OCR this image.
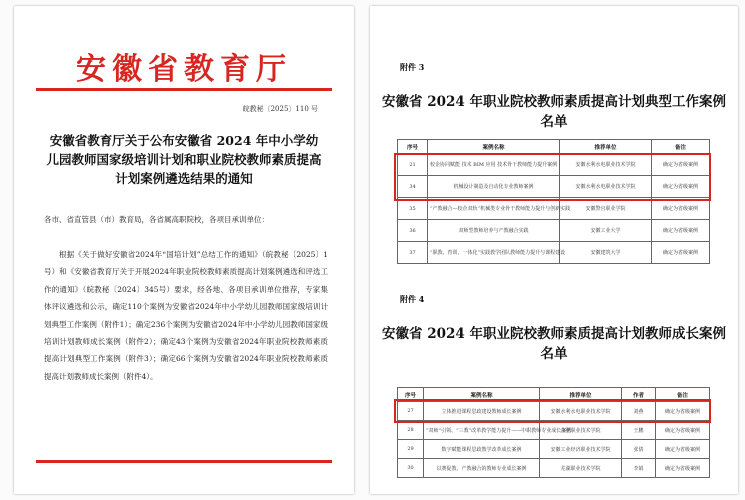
安徽省教育厅
皖教秘〔2025〕110 号
安徽省教育厅关于公布安徽省 2024 年中小学幼儿园教师国家级培训计划和职业院校教师素质提高计划案例遴选结果的通知
各市、省直管县（市）教育局，各省属高职院校，各项目承训单位：
根据《关于做好安徽省2024年“国培计划”总结工作的通知》（皖教秘〔2025〕1号）和《安徽省教育厅关于开展2024年职业院校教师素质提高计划案例遴选和评选工作的通知》（皖教秘〔2024〕345号）要求，经各地、各项目承训单位推荐，专家集体评议遴选和公示，确定110个案例为安徽省2024年中小学幼儿园教师国家级培训计划典型工作案例（附件1）；确定236个案例为安徽省2024年中小学幼儿园教师国家级培训计划教师成长案例（附件2）；确定43个案例为安徽省2024年职业院校教师素质提高计划典型工作案例（附件3）；确定66个案例为安徽省2024年职业院校教师素质提高计划教师成长案例（附件4）。
附件 3
安徽省 2024 年职业院校教师素质提高计划典型工作案例名单
序号	案例名称	推荐单位	备注
21	校企协同赋能 技术 BIM 应用 技术骨干教师能力提升案例	安徽水利水电职业技术学院	确定为省级案例
34	机械设计制造及自动化专业教师案例	安徽水利水电职业技术学院	确定为省级案例
35	“产教融合—校企双轨”机械类专业骨干教师能力提升与创新实践	安徽警官职业学院	确定为省级案例
36	双师型教师培养与产教融合实践	安徽工业大学	确定为省级案例
37	“职教、育训、一体化”实践教学团队教师能力提升与课程建设	安徽建筑大学	确定为省级案例
附件 4
安徽省 2024 年职业院校教师素质提高计划教师成长案例名单
序号	案例名称	推荐单位	作者	备注
27	立体推进课程思政建设教师成长案例	安徽水利水电职业技术学院	刘燕	确定为省级案例
28	“双师”引领、“三教”改革教学能力提升——中职教师专业成长案例	合肥职业技术学院	王鹏	确定为省级案例
29	数字赋能课程思政教学改革成长案例	安徽工业经济职业技术学院	张倩	确定为省级案例
30	以赛促教、产教融合的教师专业成长案例	芜湖职业技术学院	李娟	确定为省级案例
